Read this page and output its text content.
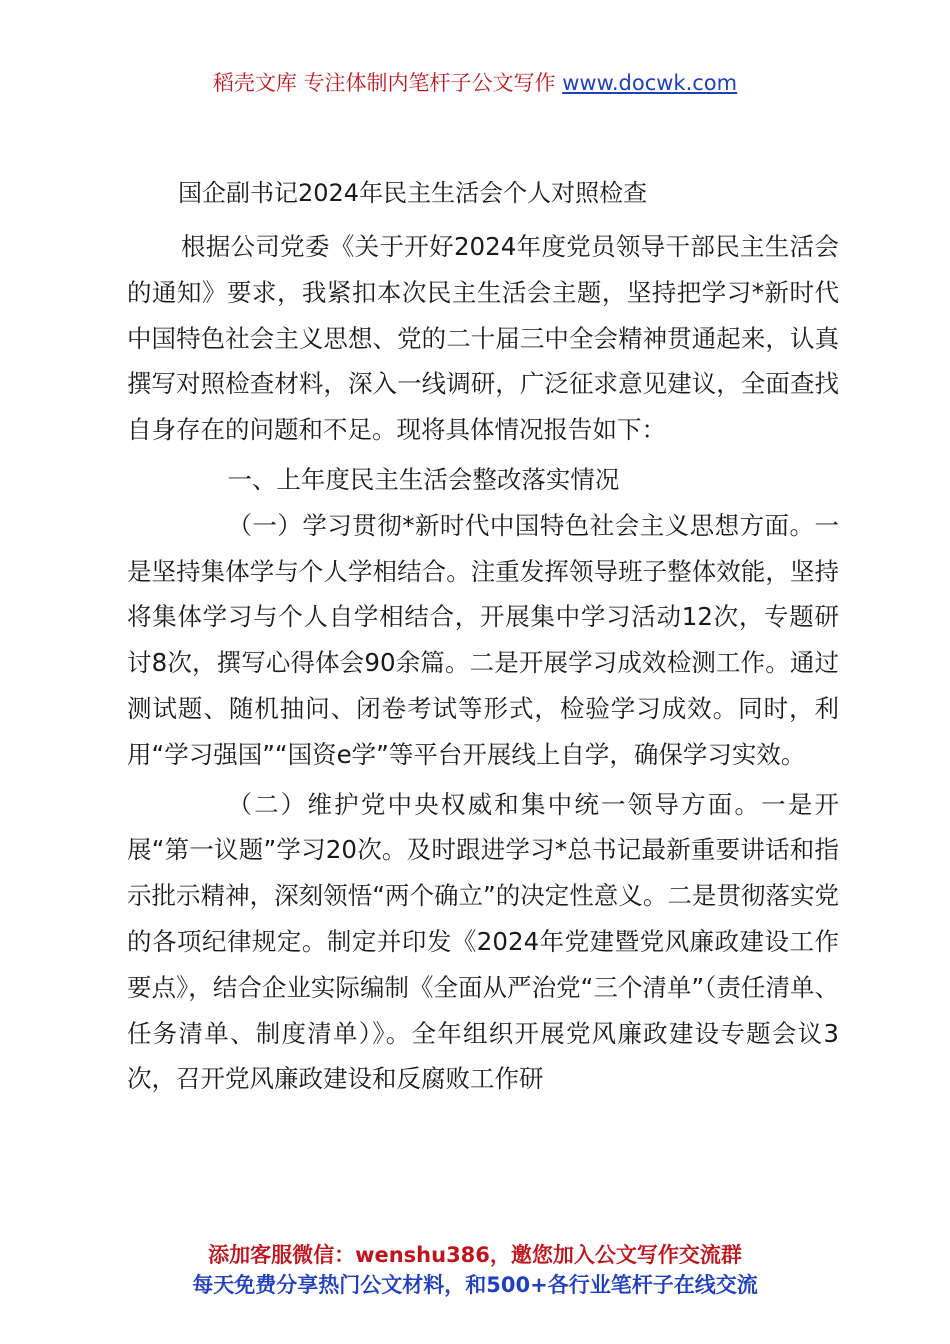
稻壳文库 专注体制内笔杆子公文写作 www.docwk.com
国企副书记2024年民主生活会个人对照检查

根据公司党委《关于开好2024年度党员领导干部民主生活会的通知》要求，我紧扣本次民主生活会主题，坚持把学习*新时代中国特色社会主义思想、党的二十届三中全会精神贯通起来，认真撰写对照检查材料，深入一线调研，广泛征求意见建议，全面查找自身存在的问题和不足。现将具体情况报告如下：

一、上年度民主生活会整改落实情况

（一）学习贯彻*新时代中国特色社会主义思想方面。一是坚持集体学与个人学相结合。注重发挥领导班子整体效能，坚持将集体学习与个人自学相结合，开展集中学习活动12次，专题研讨8次，撰写心得体会90余篇。二是开展学习成效检测工作。通过测试题、随机抽问、闭卷考试等形式，检验学习成效。同时，利用“学习强国”“国资e学”等平台开展线上自学，确保学习实效。

（二）维护党中央权威和集中统一领导方面。一是开展“第一议题”学习20次。及时跟进学习*总书记最新重要讲话和指示批示精神，深刻领悟“两个确立”的决定性意义。二是贯彻落实党的各项纪律规定。制定并印发《2024年党建暨党风廉政建设工作要点》，结合企业实际编制《全面从严治党“三个清单”（责任清单、任务清单、制度清单）》。全年组织开展党风廉政建设专题会议3次，召开党风廉政建设和反腐败工作研

添加客服微信：wenshu386，邀您加入公文写作交流群
每天免费分享热门公文材料，和500+各行业笔杆子在线交流
